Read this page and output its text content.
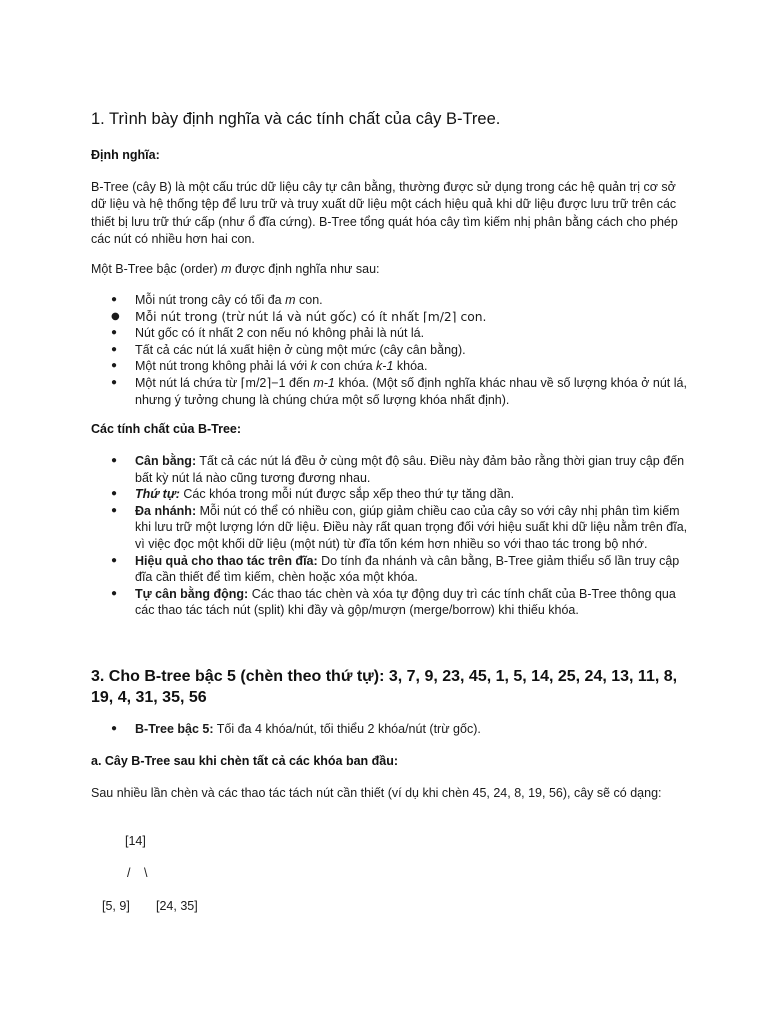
1. Trình bày định nghĩa và các tính chất của cây B-Tree.
Định nghĩa:

B-Tree (cây B) là một cấu trúc dữ liệu cây tự cân bằng, thường được sử dụng trong các hệ quản trị cơ sở dữ liệu và hệ thống tệp để lưu trữ và truy xuất dữ liệu một cách hiệu quả khi dữ liệu được lưu trữ trên các thiết bị lưu trữ thứ cấp (như ổ đĩa cứng). B-Tree tổng quát hóa cây tìm kiếm nhị phân bằng cách cho phép các nút có nhiều hơn hai con.

Một B-Tree bậc (order) m được định nghĩa như sau:

● Mỗi nút trong cây có tối đa m con.
● Mỗi nút trong (trừ nút lá và nút gốc) có ít nhất ⌈m/2⌉ con.
● Nút gốc có ít nhất 2 con nếu nó không phải là nút lá.
● Tất cả các nút lá xuất hiện ở cùng một mức (cây cân bằng).
● Một nút trong không phải lá với k con chứa k-1 khóa.
● Một nút lá chứa từ ⌈m/2⌉−1 đến m-1 khóa. (Một số định nghĩa khác nhau về số lượng khóa ở nút lá, nhưng ý tưởng chung là chúng chứa một số lượng khóa nhất định).
Các tính chất của B-Tree:
● Cân bằng: Tất cả các nút lá đều ở cùng một độ sâu. Điều này đảm bảo rằng thời gian truy cập đến bất kỳ nút lá nào cũng tương đương nhau.
● Thứ tự: Các khóa trong mỗi nút được sắp xếp theo thứ tự tăng dần.
● Đa nhánh: Mỗi nút có thể có nhiều con, giúp giảm chiều cao của cây so với cây nhị phân tìm kiếm khi lưu trữ một lượng lớn dữ liệu. Điều này rất quan trọng đối với hiệu suất khi dữ liệu nằm trên đĩa, vì việc đọc một khối dữ liệu (một nút) từ đĩa tốn kém hơn nhiều so với thao tác trong bộ nhớ.
● Hiệu quả cho thao tác trên đĩa: Do tính đa nhánh và cân bằng, B-Tree giảm thiểu số lần truy cập đĩa cần thiết để tìm kiếm, chèn hoặc xóa một khóa.
● Tự cân bằng động: Các thao tác chèn và xóa tự động duy trì các tính chất của B-Tree thông qua các thao tác tách nút (split) khi đầy và gộp/mượn (merge/borrow) khi thiếu khóa.
3. Cho B-tree bậc 5 (chèn theo thứ tự): 3, 7, 9, 23, 45, 1, 5, 14, 25, 24, 13, 11, 8, 19, 4, 31, 35, 56
● B-Tree bậc 5: Tối đa 4 khóa/nút, tối thiểu 2 khóa/nút (trừ gốc).
a. Cây B-Tree sau khi chèn tất cả các khóa ban đầu:

Sau nhiều lần chèn và các thao tác tách nút cần thiết (ví dụ khi chèn 45, 24, 8, 19, 56), cây sẽ có dạng:

[14]
/ \
[5, 9] [24, 35]
